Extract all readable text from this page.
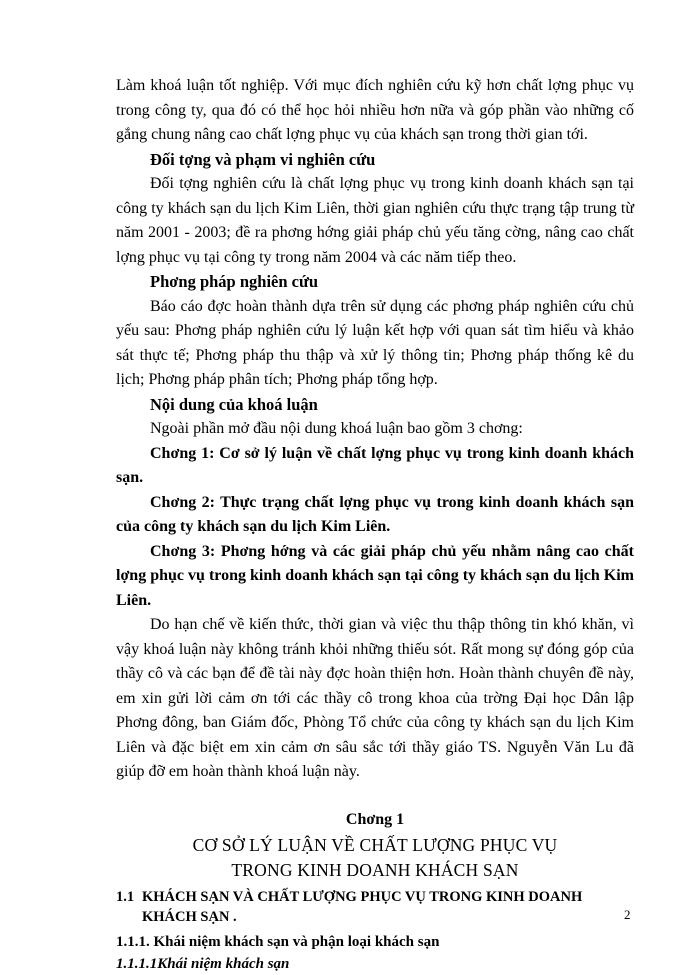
Làm khoá luận tốt nghiệp. Với mục đích nghiên cứu kỹ hơn chất lợng phục vụ trong công ty, qua đó có thể học hỏi nhiều hơn nữa và góp phần vào những cố gắng chung nâng cao chất lợng phục vụ của khách sạn trong thời gian tới.

Đối tợng và phạm vi nghiên cứu

Đối tợng nghiên cứu là chất lợng phục vụ trong kinh doanh khách sạn tại công ty khách sạn du lịch Kim Liên, thời gian nghiên cứu thực trạng tập trung từ năm 2001 - 2003; đề ra phơng hớng giải pháp chủ yếu tăng cờng, nâng cao chất lợng phục vụ tại công ty trong năm 2004 và các năm tiếp theo.

Phơng pháp nghiên cứu

Báo cáo đợc hoàn thành dựa trên sử dụng các phơng pháp nghiên cứu chủ yếu sau: Phơng pháp nghiên cứu lý luận kết hợp với quan sát tìm hiểu và khảo sát thực tế; Phơng pháp thu thập và xử lý thông tin; Phơng pháp thống kê du lịch; Phơng pháp phân tích; Phơng pháp tổng hợp.

Nội dung của khoá luận

Ngoài phần mở đầu nội dung khoá luận bao gồm 3 chơng:

Chơng 1: Cơ sở lý luận về chất lợng phục vụ trong kinh doanh khách sạn.

Chơng 2: Thực trạng chất lợng phục vụ trong kinh doanh khách sạn của công ty khách sạn du lịch Kim Liên.

Chơng 3: Phơng hớng và các giải pháp chủ yếu nhằm nâng cao chất lợng phục vụ trong kinh doanh khách sạn tại công ty khách sạn du lịch Kim Liên.

Do hạn chế về kiến thức, thời gian và việc thu thập thông tin khó khăn, vì vậy khoá luận này không tránh khỏi những thiếu sót. Rất mong sự đóng góp của thầy cô và các bạn để đề tài này đợc hoàn thiện hơn. Hoàn thành chuyên đề này, em xin gửi lời cảm ơn tới các thầy cô trong khoa của trờng Đại học Dân lập Phơng đông, ban Giám đốc, Phòng Tổ chức của công ty khách sạn du lịch Kim Liên và đặc biệt em xin cảm ơn sâu sắc tới thầy giáo TS. Nguyễn Văn Lu đã giúp đỡ em hoàn thành khoá luận này.

Chơng 1

CƠ SỞ LÝ LUẬN VỀ CHẤT LƯỢNG PHỤC VỤ

TRONG KINH DOANH KHÁCH SẠN

1.1 KHÁCH SẠN VÀ CHẤT LƯỢNG PHỤC VỤ TRONG KINH DOANH KHÁCH SẠN .

1.1.1. Khái niệm khách sạn và phận loại khách sạn

1.1.1.1Khái niệm khách sạn

2
